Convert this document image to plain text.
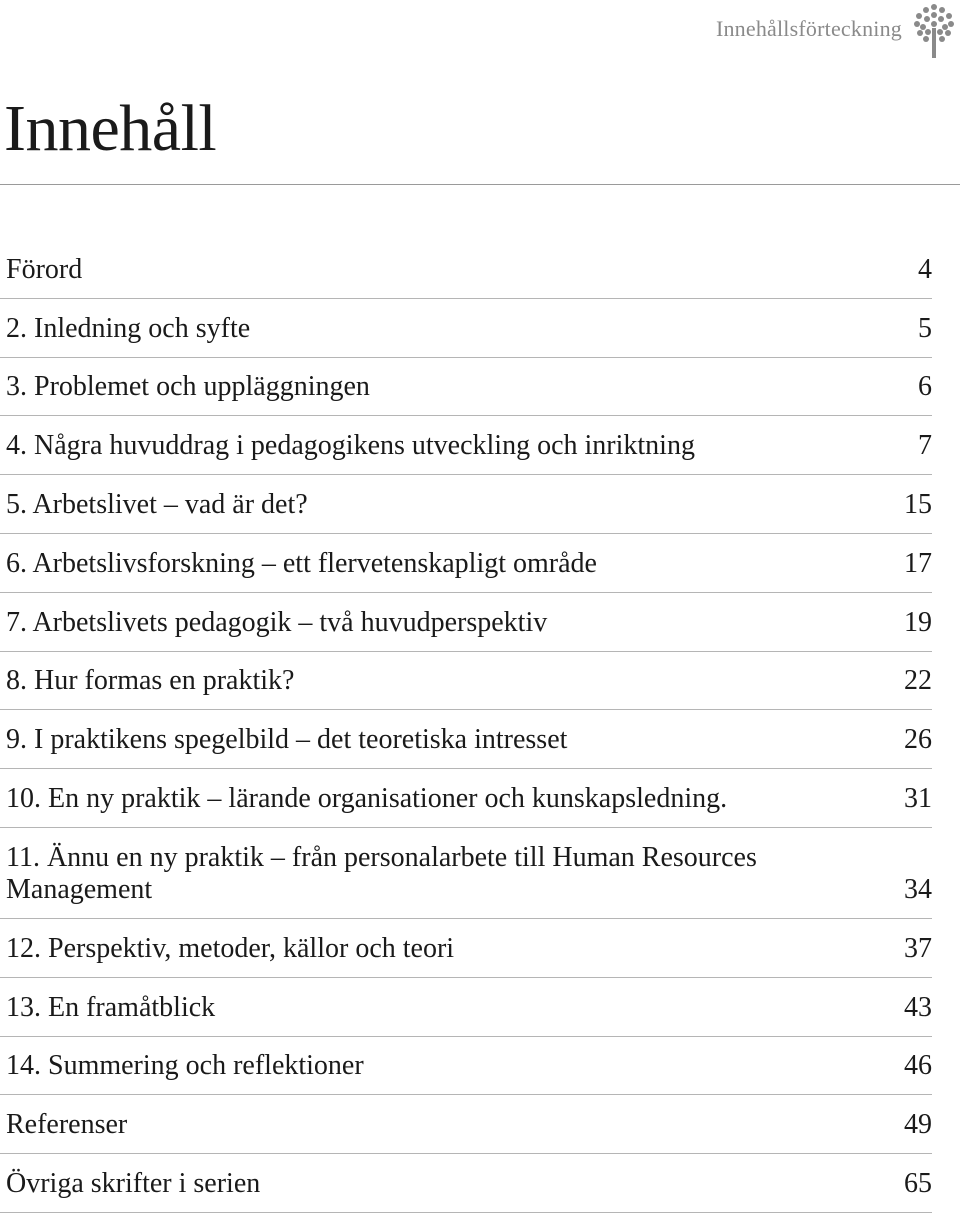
Innehållsförteckning
Innehåll
Förord	4
2. Inledning och syfte	5
3. Problemet och uppläggningen	6
4. Några huvuddrag i pedagogikens utveckling och inriktning	7
5. Arbetslivet – vad är det?	15
6. Arbetslivsforskning – ett flervetenskapligt område	17
7. Arbetslivets pedagogik – två huvudperspektiv	19
8. Hur formas en praktik?	22
9. I praktikens spegelbild – det teoretiska intresset	26
10. En ny praktik – lärande organisationer och kunskapsledning.	31
11. Ännu en ny praktik – från personalarbete till Human Resources Management	34
12. Perspektiv, metoder, källor och teori	37
13. En framåtblick	43
14. Summering och reflektioner	46
Referenser	49
Övriga skrifter i serien	65
